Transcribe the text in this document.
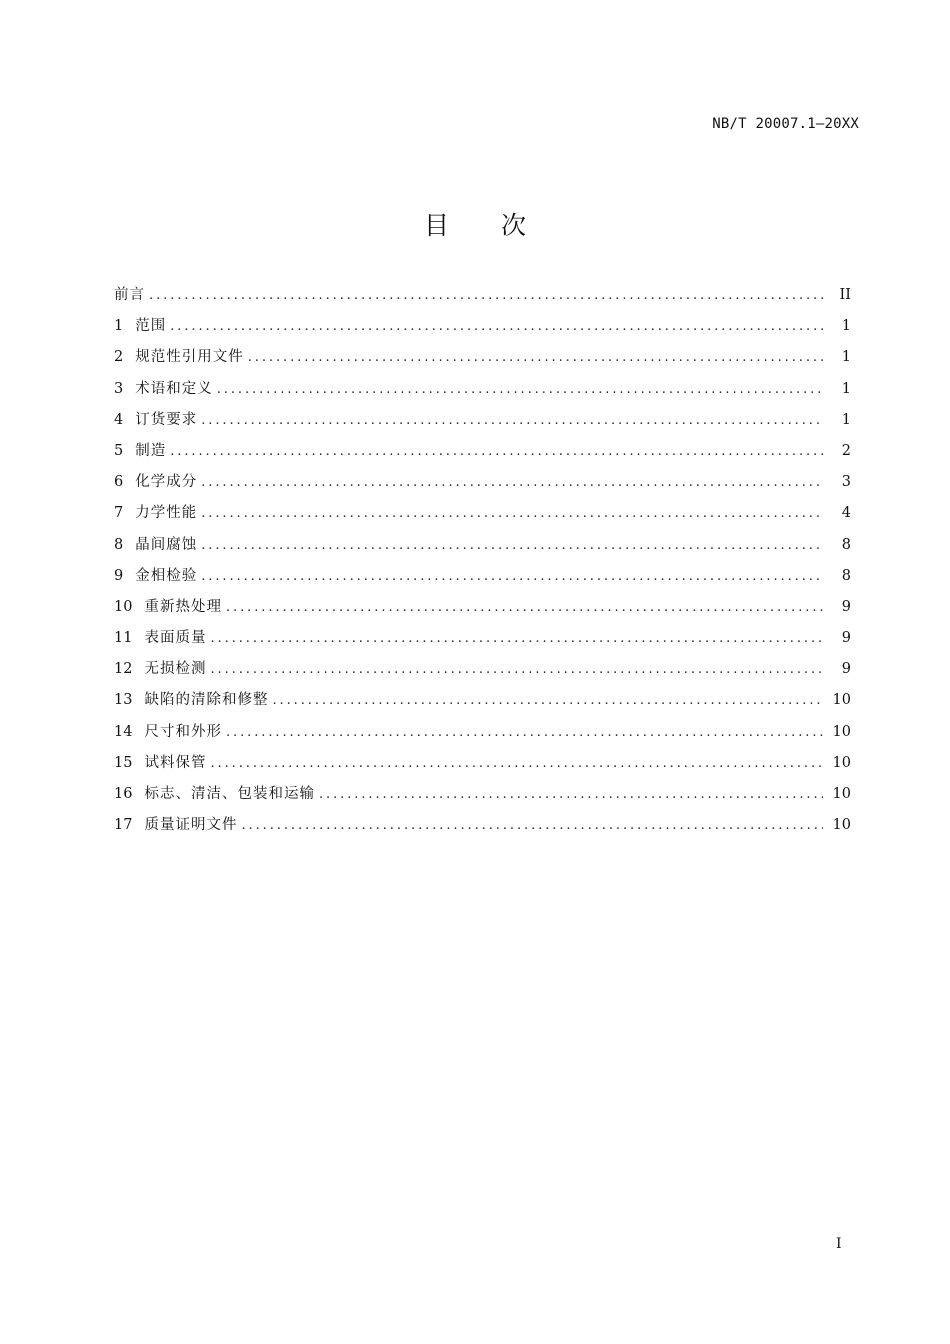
NB/T 20007.1—20XX
目 次
前言 . . .	II
1 范围 . . .	1
2 规范性引用文件 . . .	1
3 术语和定义 . . .	1
4 订货要求 . . .	1
5 制造 . . .	2
6 化学成分 . . .	3
7 力学性能 . . .	4
8 晶间腐蚀 . . .	8
9 金相检验 . . .	8
10 重新热处理 . . .	9
11 表面质量 . . .	9
12 无损检测 . . .	9
13 缺陷的清除和修整 . . .	10
14 尺寸和外形 . . .	10
15 试料保管 . . .	10
16 标志、清洁、包装和运输 . . .	10
17 质量证明文件 . . .	10
I
